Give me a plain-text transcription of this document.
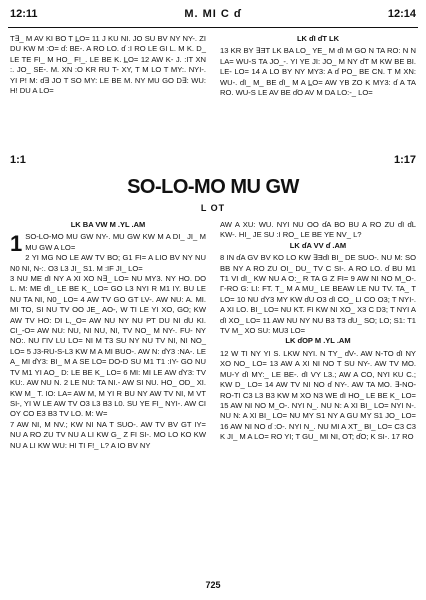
12:11	M. MI C ɗ	12:14

T∃_ M AV KI BO T L̲O= 11 J KU NI. JO SU BV NY NY-. ZI DU KW M :O= ɗ: BE-. A RO LO. ɗ :I RO LE GI L. M K. D_ LE TE FI_ M HO_ F!_. LE BE K. L̲O= 12 AW K- J. :IT XN :. JO_ SE-. M. XN :O KR RU T- XY, T M LO T MY:. NYI-. YI P! M: ɗ∃ JO T SO MY: LE BE M. NY MU GO D∃: WU: H! DU A LO=

LK ɗI ɗT LK

13 KR BY ∃ƎT LK BA LO_ YE_ M ɗI M GO N TA RO: N N LA= WU-S TA JO_-. YI YE JI: JO_ M NY ɗT M KW BE BI. LE- LO= 14 A LO BY NY MY3: A ɗ PO_ BE CN. T M XN: WU-. ɗI_ M_ BE ɗI_ M A L̲O= AW YB ZO K MY3: ɗ A TA RO. WU-S LE AV BE ɗO AV M DA LO:-_ LO=

1:1	1:17
SO-LO-MO MU GW
L OT
LK BA VW M .YL .AM
1 SO-LO-MO MU GW NY-. MU GW KW M A DI_ JI_ M MU GW A LO=

2 YI MG NO LE AW TV BO; G1 FI= A LIO BV NY NU N0 NI, N-:. O3 L3 JI_ S1. M :IF JI_ LO=

3 NU ME ɗI NY A XI XO N∃_ LO= NU MY3. NY HO. DO L. M: ME ɗI_ LE BE K_ LO= GO L3 NYI R M1 IY. BU LE NU TA NI, N0_ LO= 4 AW TV GO GT LV-. AW NU: A. MI. MI TO, SI NU TV OO JE_ AO-, W TI LE YI XO, GO; KW AW TV HO: DI L,_O= AW NU NY NU PT DU NI ɗU KI. CI_-O= AW NU: NU, NI NU, NI, TV NO_ M NY-. FU- NY NO:. NU ΓIV LU LO= NI M T3 SU NY NU TV NI, NI NO_ LO= 5 J3-RU-S-L3 KW M A MI BUO-. AW N: ɗY3 :NA-. LE A_ MI ɗY3: BI_ M A SE LO= DO-D SU M1 T1 :IY- GO NU TV M1 YI AO_ D: LE BE K_ LO= 6 MI: MI LE AW ɗY3: TV KU:. AW NU N. 2 LE NU: TA NI.- AW SI NU. HO_ OD_ XI. KW M_ T. IO: LA= AW M, M YI R BU NY AW TV NI, M VT SI-, YI W LE AW TV O3 L3 B3 L0. SU YE FI_ NYI-. AW CI OY CO E3 B3 TV LO. M: W=

7 AW NI, M NV.; KW NI NA T SUO-. AW TV BV GT IY= NU A RO ZU TV NU A LI KW G_ Z FI SI-. MO LO KO KW NU A LI KW WU: HI TI F!_ L? A IO BV NY

AW A XU: WU. NYI NU OO ɗA BO BU A RO ZU ɗI ɗL KW-. HI_ JE SU :I RO_ LE BE YE NV_ L?

LK ɗA VV ɗ .AM

8 IN ɗA GV BV KO LO KW ∃ƎɗI BI_ DE SUO-. NU M: SO BB NY A RO ZU OI_ DU_ TV C SI-. A RO LO. ɗ BU M1 T1 VI ɗI_ KW NU A O:_ R TA G Z FI= 9 AW NI NO M_O-. Γ-RO G: LI: FT. T_ M A MU_ LE BEAW LE NU TV. TA_ T LO= 10 NU ɗY3 MY KW ɗU O3 ɗI CO_ LI CO O3; T NYI-. A XI LO. BI_ LO= NU KT. FI KW NI XO_ X3 C D3; T NYI A ɗI XO_ LO= 11 AW NU NY NU B3 T3 ɗU_ SO; LO; S1: T1 TV M_ XO SU: MU3 LO=

LK ɗOP M .YL .AM

12 W TI NY YI S. LKW NYI. N TY_ ɗV-. AW N-TO ɗI NY XO NO_ LO= 13 AW A XI NI NO T SU NY-. AW TV MO. MU-Y ɗI MY:_ LE BE-. ɗI VY L3.; AW A CO, NYI KU C.; KW D_ LO= 14 AW TV NI NO ɗ NY-. AW TA MO. ∃-NO-RO-TI C3 L3 B3 KW M XO N3 WE ɗI HO_ LE BE K_ LO= 15 AW NI NO M_O-. NYI N_. NU N: A XI BI_ LO= NYI N-. NU N: A XI BI_ LO= NU MY S1 NY A GU MY S1 JO_ LO= 16 AW NI NO ɗ :O-. NYI N_. NU MI A XT_ BI_ LO= C3 C3 K JI_ M A LO= RO YI; T GU_ MI NI, OT; ɗO; K SI-. 17 RO

725
